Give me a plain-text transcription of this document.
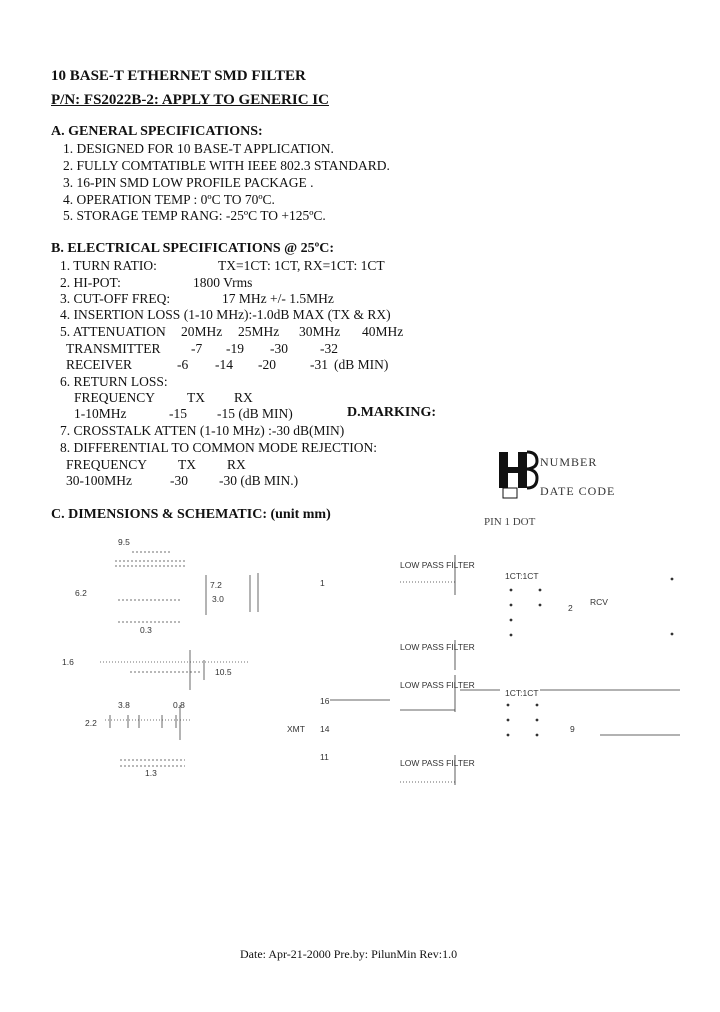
10 BASE-T ETHERNET SMD FILTER
P/N: FS2022B-2: APPLY TO GENERIC IC
A. GENERAL SPECIFICATIONS:
1. DESIGNED FOR 10 BASE-T APPLICATION.
2. FULLY COMTATIBLE WITH IEEE 802.3 STANDARD.
3. 16-PIN SMD LOW PROFILE PACKAGE .
4. OPERATION TEMP : 0ºC TO 70ºC.
5. STORAGE TEMP RANG: -25ºC TO +125ºC.
B. ELECTRICAL SPECIFICATIONS @ 25ºC:
1. TURN RATIO:	TX=1CT: 1CT, RX=1CT: 1CT
2. HI-POT:	1800 Vrms
3. CUT-OFF FREQ:	17 MHz +/- 1.5MHz
4. INSERTION LOSS (1-10 MHz):-1.0dB MAX (TX & RX)
5. ATTENUATION 20MHz 25MHz 30MHz 40MHz
TRANSMITTER -7 -19 -30 -32
RECEIVER	-6 -14 -20	-31 (dB MIN)
6. RETURN LOSS:
FREQUENCY TX RX
1-10MHz	-15 -15 (dB MIN)	D.MARKING:
7. CROSSTALK ATTEN (1-10 MHz) :-30 dB(MIN)
8. DIFFERENTIAL TO COMMON MODE REJECTION:
FREQUENCY TX RX
30-100MHz	-30 -30 (dB MIN.)
NUMBER
DATE CODE
PIN 1 DOT
C. DIMENSIONS & SCHEMATIC: (unit mm)
9.5
6.2
7.2
3.0
0.3
1.6
10.5
3.8	0.8
2.2
1.3
LOW PASS FILTER
LOW PASS FILTER
LOW PASS FILTER
LOW PASS FILTER
1
16
14
11
2
9
1CT:1CT
1CT:1CT
RCV
XMT
Date: Apr-21-2000 Pre.by: PilunMin Rev:1.0
